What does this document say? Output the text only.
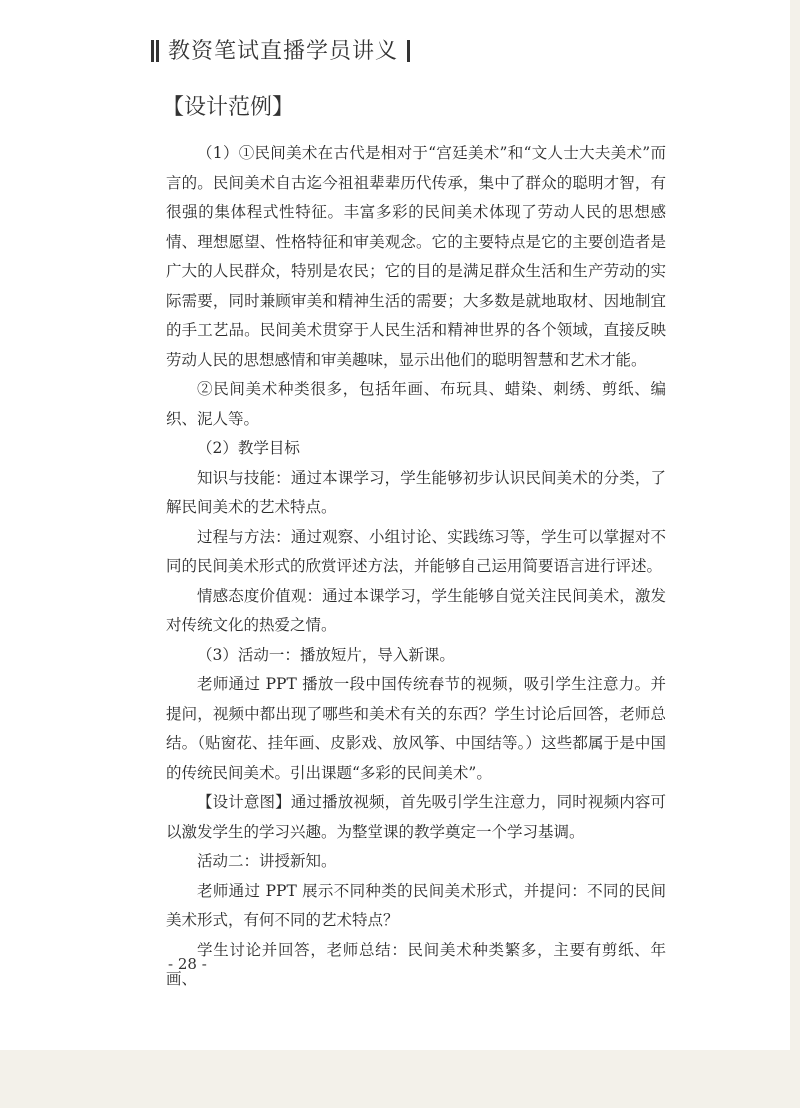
教资笔试直播学员讲义
【设计范例】

（1）①民间美术在古代是相对于“宫廷美术”和“文人士大夫美术”而言的。民间美术自古迄今祖祖辈辈历代传承，集中了群众的聪明才智，有很强的集体程式性特征。丰富多彩的民间美术体现了劳动人民的思想感情、理想愿望、性格特征和审美观念。它的主要特点是它的主要创造者是广大的人民群众，特别是农民；它的目的是满足群众生活和生产劳动的实际需要，同时兼顾审美和精神生活的需要；大多数是就地取材、因地制宜的手工艺品。民间美术贯穿于人民生活和精神世界的各个领域，直接反映劳动人民的思想感情和审美趣味，显示出他们的聪明智慧和艺术才能。

②民间美术种类很多，包括年画、布玩具、蜡染、刺绣、剪纸、编织、泥人等。

（2）教学目标

知识与技能：通过本课学习，学生能够初步认识民间美术的分类，了解民间美术的艺术特点。

过程与方法：通过观察、小组讨论、实践练习等，学生可以掌握对不同的民间美术形式的欣赏评述方法，并能够自己运用简要语言进行评述。

情感态度价值观：通过本课学习，学生能够自觉关注民间美术，激发对传统文化的热爱之情。

（3）活动一：播放短片，导入新课。

老师通过 PPT 播放一段中国传统春节的视频，吸引学生注意力。并提问，视频中都出现了哪些和美术有关的东西？学生讨论后回答，老师总结。（贴窗花、挂年画、皮影戏、放风筝、中国结等。）这些都属于是中国的传统民间美术。引出课题“多彩的民间美术”。

【设计意图】通过播放视频，首先吸引学生注意力，同时视频内容可以激发学生的学习兴趣。为整堂课的教学奠定一个学习基调。

活动二：讲授新知。

老师通过 PPT 展示不同种类的民间美术形式，并提问：不同的民间美术形式，有何不同的艺术特点？

学生讨论并回答，老师总结：民间美术种类繁多，主要有剪纸、年画、

- 28 -
